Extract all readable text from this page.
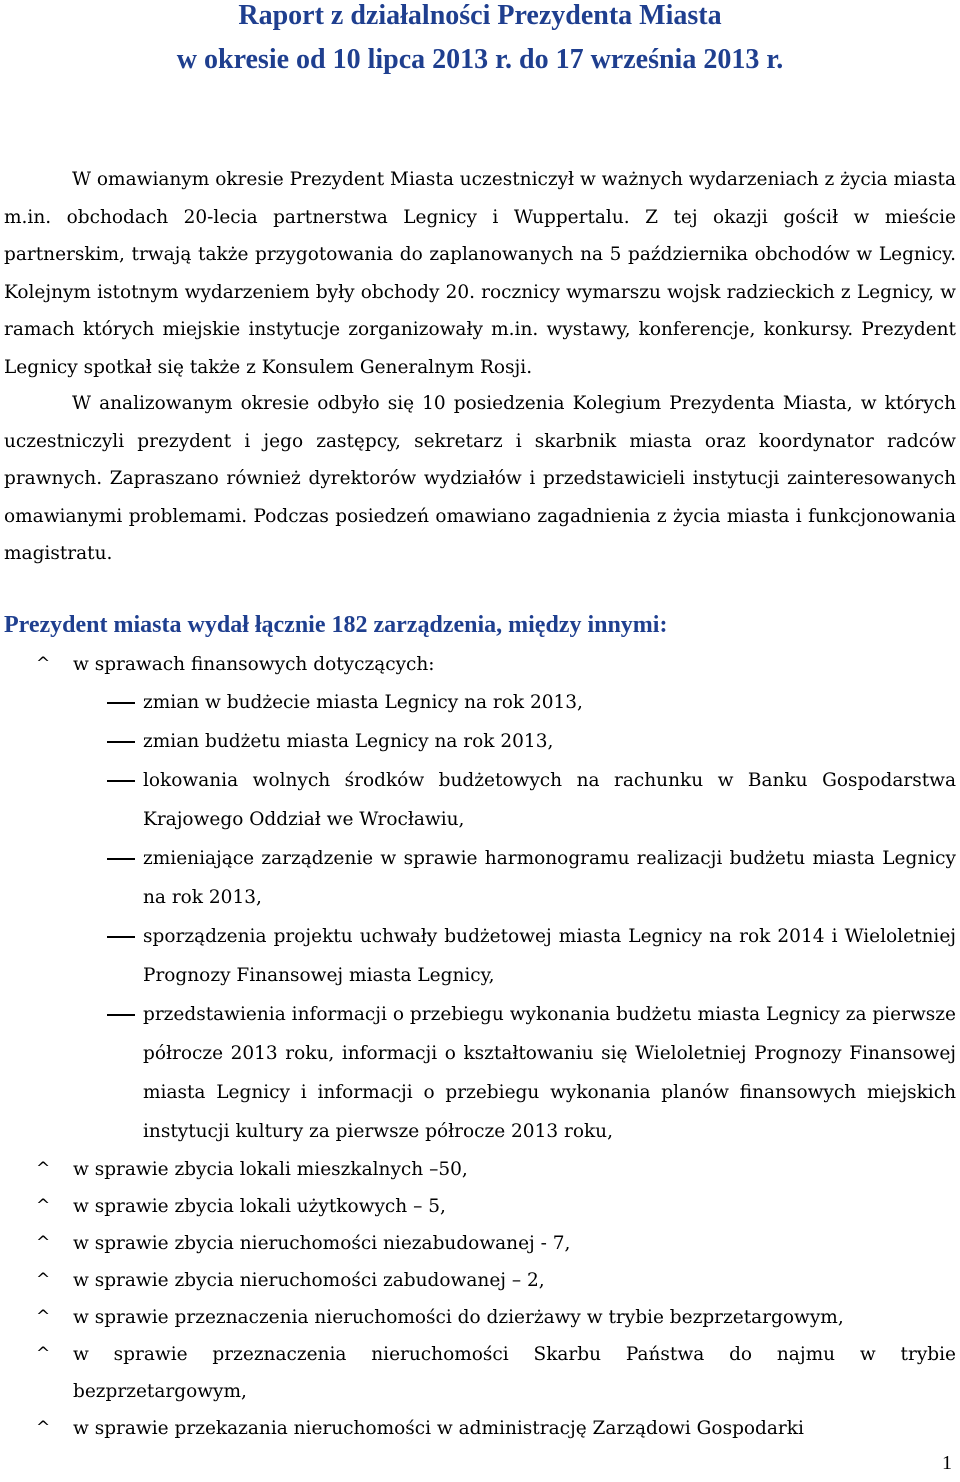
Raport z działalności Prezydenta Miasta
w okresie od 10 lipca 2013 r. do 17 września 2013 r.

W omawianym okresie Prezydent Miasta uczestniczył w ważnych wydarzeniach z życia miasta m.in. obchodach 20-lecia partnerstwa Legnicy i Wuppertalu. Z tej okazji gościł w mieście partnerskim, trwają także przygotowania do zaplanowanych na 5 października obchodów w Legnicy. Kolejnym istotnym wydarzeniem były obchody 20. rocznicy wymarszu wojsk radzieckich z Legnicy, w ramach których miejskie instytucje zorganizowały m.in. wystawy, konferencje, konkursy. Prezydent Legnicy spotkał się także z Konsulem Generalnym Rosji.

W analizowanym okresie odbyło się 10 posiedzenia Kolegium Prezydenta Miasta, w których uczestniczyli prezydent i jego zastępcy, sekretarz i skarbnik miasta oraz koordynator radców prawnych. Zapraszano również dyrektorów wydziałów i przedstawicieli instytucji zainteresowanych omawianymi problemami. Podczas posiedzeń omawiano zagadnienia z życia miasta i funkcjonowania magistratu.

Prezydent miasta wydał łącznie 182 zarządzenia, między innymi:
^ w sprawach finansowych dotyczących:
zmian w budżecie miasta Legnicy na rok 2013,
zmian budżetu miasta Legnicy na rok 2013,
lokowania wolnych środków budżetowych na rachunku w Banku Gospodarstwa Krajowego Oddział we Wrocławiu,
zmieniające zarządzenie w sprawie harmonogramu realizacji budżetu miasta Legnicy na rok 2013,
sporządzenia projektu uchwały budżetowej miasta Legnicy na rok 2014 i Wieloletniej Prognozy Finansowej miasta Legnicy,
przedstawienia informacji o przebiegu wykonania budżetu miasta Legnicy za pierwsze półrocze 2013 roku, informacji o kształtowaniu się Wieloletniej Prognozy Finansowej miasta Legnicy i informacji o przebiegu wykonania planów finansowych miejskich instytucji kultury za pierwsze półrocze 2013 roku,
^ w sprawie zbycia lokali mieszkalnych –50,
^ w sprawie zbycia lokali użytkowych – 5,
^ w sprawie zbycia nieruchomości niezabudowanej - 7,
^ w sprawie zbycia nieruchomości zabudowanej – 2,
^ w sprawie przeznaczenia nieruchomości do dzierżawy w trybie bezprzetargowym,
^ w sprawie przeznaczenia nieruchomości Skarbu Państwa do najmu w trybie bezprzetargowym,
^ w sprawie przekazania nieruchomości w administrację Zarządowi Gospodarki

1
